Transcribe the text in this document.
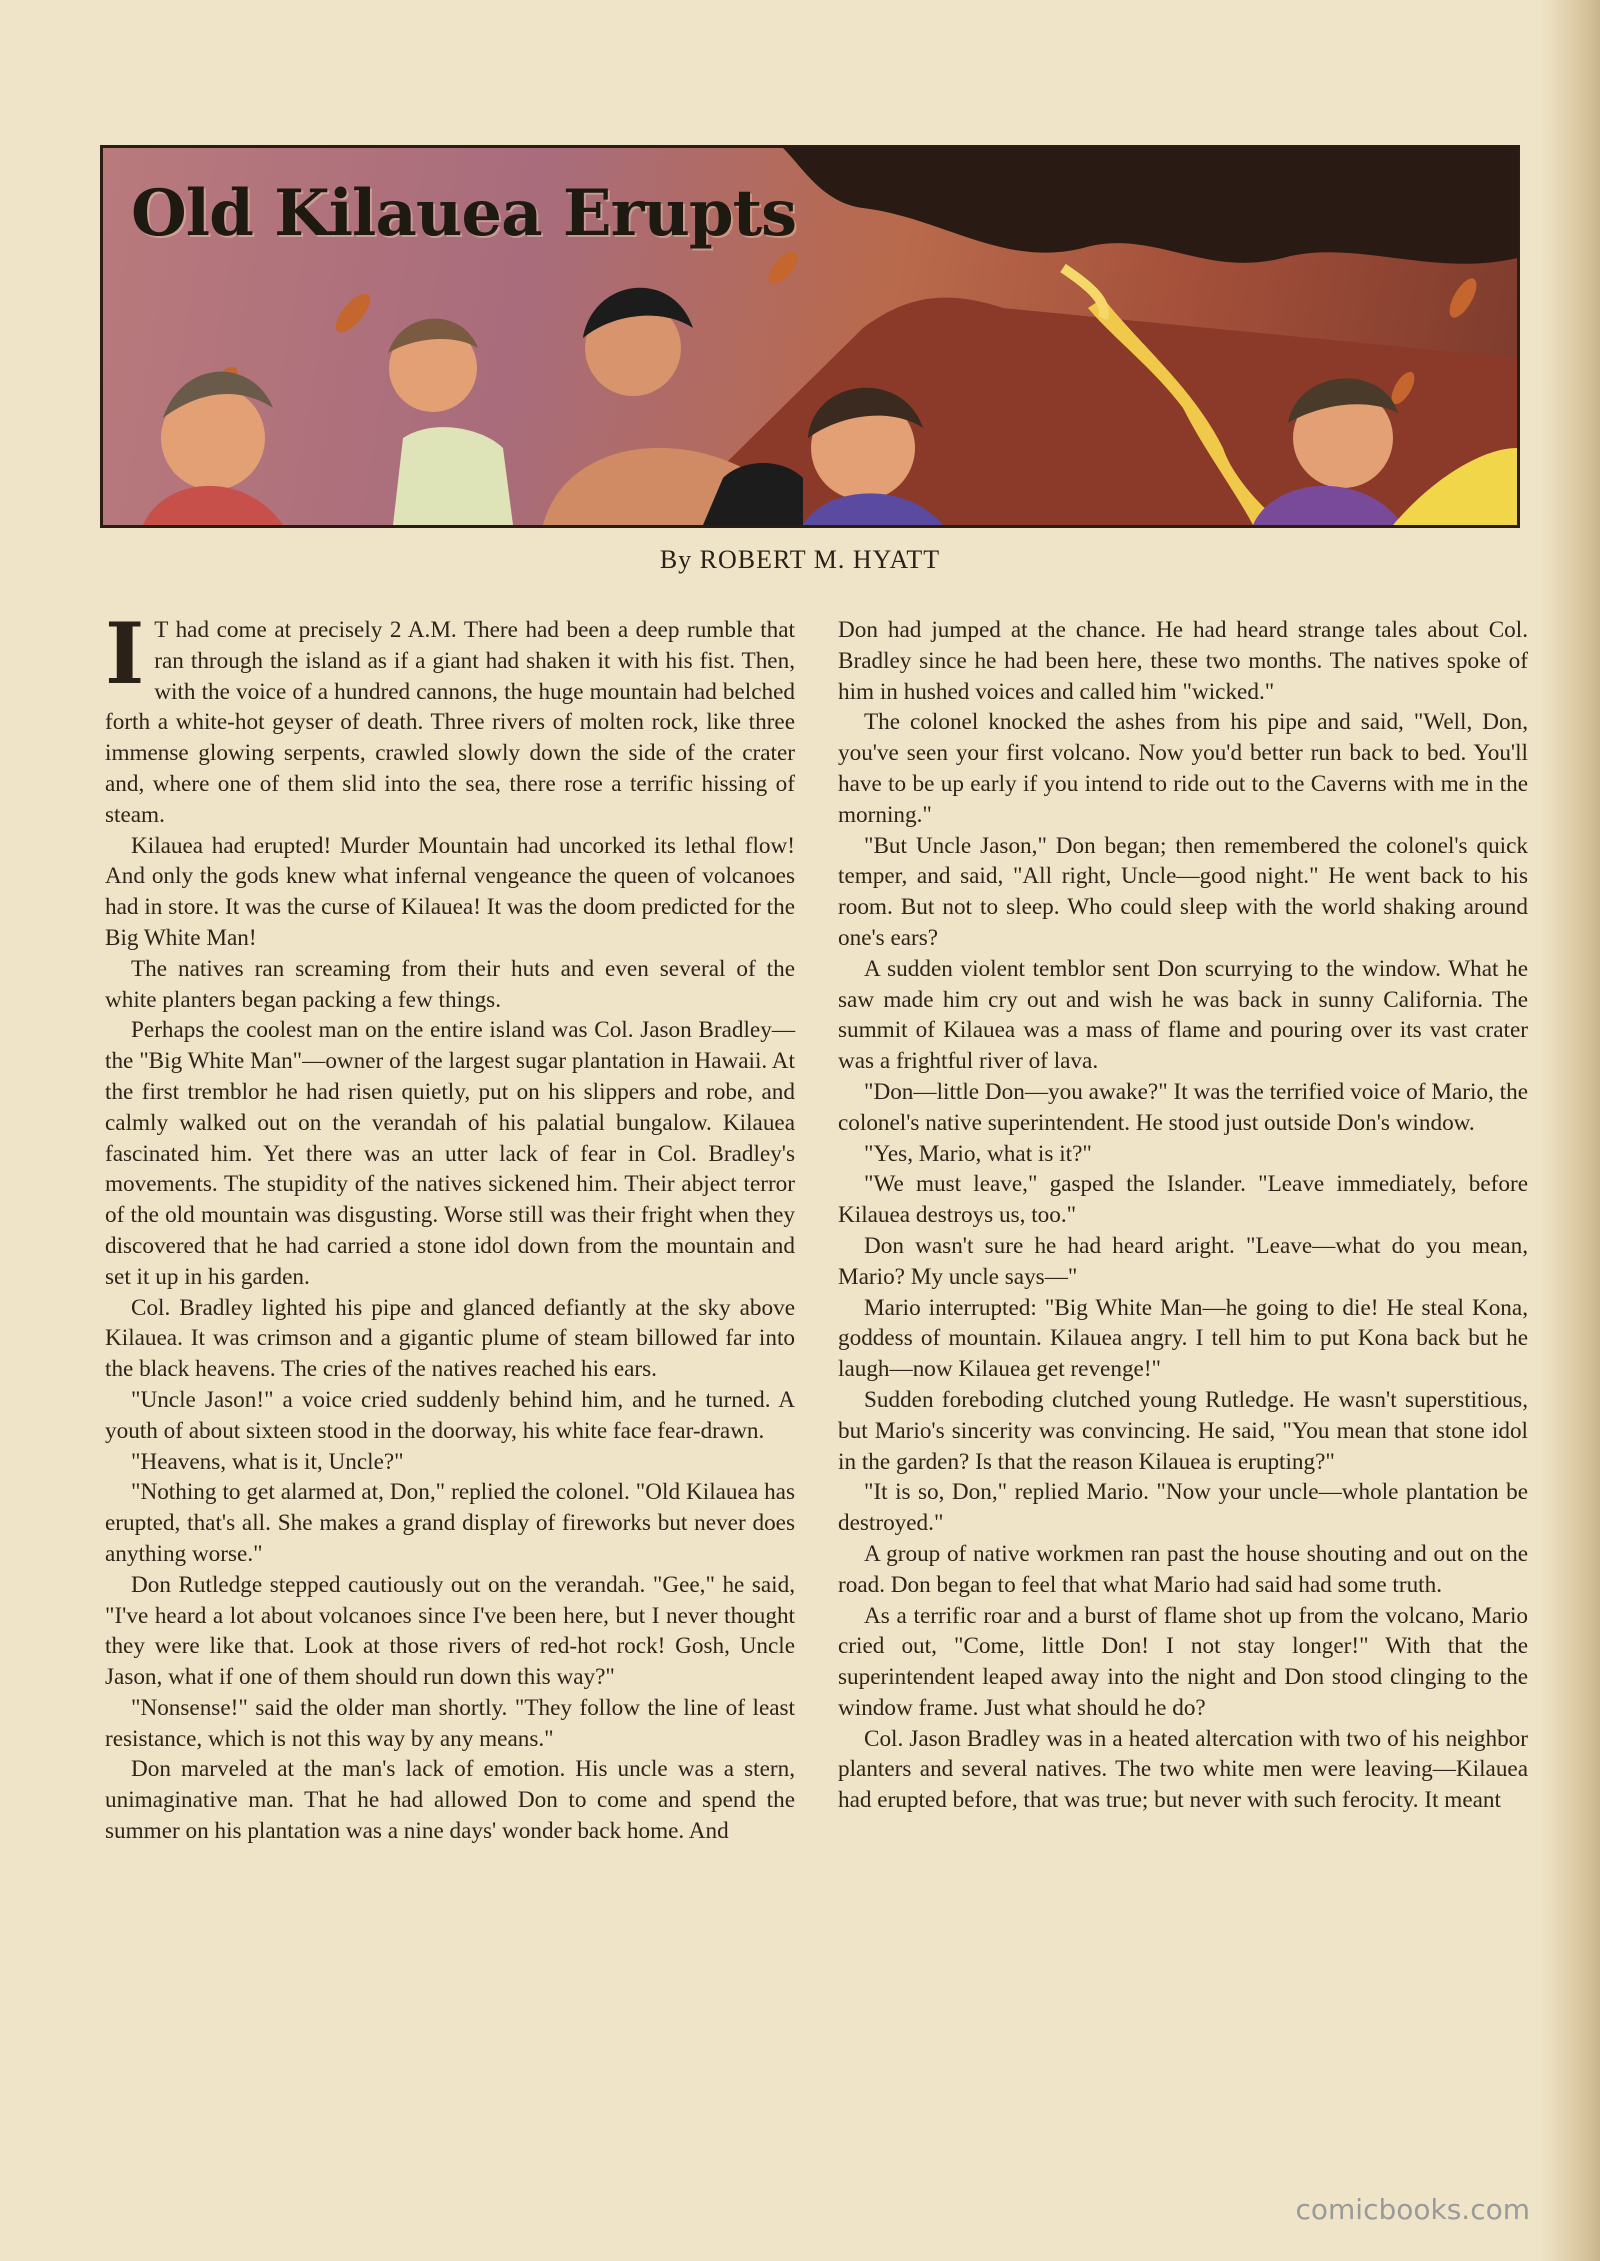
Old Kilauea Erupts
By ROBERT M. HYATT

I T had come at precisely 2 A.M. There had been a deep rumble that ran through the island as if a giant had shaken it with his fist. Then, with the voice of a hundred cannons, the huge mountain had belched forth a white-hot geyser of death. Three rivers of molten rock, like three immense glowing serpents, crawled slowly down the side of the crater and, where one of them slid into the sea, there rose a terrific hissing of steam.

Kilauea had erupted! Murder Mountain had uncorked its lethal flow! And only the gods knew what infernal vengeance the queen of volcanoes had in store. It was the curse of Kilauea! It was the doom predicted for the Big White Man!

The natives ran screaming from their huts and even several of the white planters began packing a few things.

Perhaps the coolest man on the entire island was Col. Jason Bradley—the "Big White Man"—owner of the largest sugar plantation in Hawaii. At the first tremblor he had risen quietly, put on his slippers and robe, and calmly walked out on the verandah of his palatial bungalow. Kilauea fascinated him. Yet there was an utter lack of fear in Col. Bradley's movements. The stupidity of the natives sickened him. Their abject terror of the old mountain was disgusting. Worse still was their fright when they discovered that he had carried a stone idol down from the mountain and set it up in his garden.

Col. Bradley lighted his pipe and glanced defiantly at the sky above Kilauea. It was crimson and a gigantic plume of steam billowed far into the black heavens. The cries of the natives reached his ears.

"Uncle Jason!" a voice cried suddenly behind him, and he turned. A youth of about sixteen stood in the doorway, his white face fear-drawn.

"Heavens, what is it, Uncle?"

"Nothing to get alarmed at, Don," replied the colonel. "Old Kilauea has erupted, that's all. She makes a grand display of fireworks but never does anything worse."

Don Rutledge stepped cautiously out on the verandah. "Gee," he said, "I've heard a lot about volcanoes since I've been here, but I never thought they were like that. Look at those rivers of red-hot rock! Gosh, Uncle Jason, what if one of them should run down this way?"

"Nonsense!" said the older man shortly. "They follow the line of least resistance, which is not this way by any means."

Don marveled at the man's lack of emotion. His uncle was a stern, unimaginative man. That he had allowed Don to come and spend the summer on his plantation was a nine days' wonder back home. And

Don had jumped at the chance. He had heard strange tales about Col. Bradley since he had been here, these two months. The natives spoke of him in hushed voices and called him "wicked."

The colonel knocked the ashes from his pipe and said, "Well, Don, you've seen your first volcano. Now you'd better run back to bed. You'll have to be up early if you intend to ride out to the Caverns with me in the morning."

"But Uncle Jason," Don began; then remembered the colonel's quick temper, and said, "All right, Uncle—good night." He went back to his room. But not to sleep. Who could sleep with the world shaking around one's ears?

A sudden violent temblor sent Don scurrying to the window. What he saw made him cry out and wish he was back in sunny California. The summit of Kilauea was a mass of flame and pouring over its vast crater was a frightful river of lava.

"Don—little Don—you awake?" It was the terrified voice of Mario, the colonel's native superintendent. He stood just outside Don's window.

"Yes, Mario, what is it?"

"We must leave," gasped the Islander. "Leave immediately, before Kilauea destroys us, too."

Don wasn't sure he had heard aright. "Leave—what do you mean, Mario? My uncle says—"

Mario interrupted: "Big White Man—he going to die! He steal Kona, goddess of mountain. Kilauea angry. I tell him to put Kona back but he laugh—now Kilauea get revenge!"

Sudden foreboding clutched young Rutledge. He wasn't superstitious, but Mario's sincerity was convincing. He said, "You mean that stone idol in the garden? Is that the reason Kilauea is erupting?"

"It is so, Don," replied Mario. "Now your uncle—whole plantation be destroyed."

A group of native workmen ran past the house shouting and out on the road. Don began to feel that what Mario had said had some truth.

As a terrific roar and a burst of flame shot up from the volcano, Mario cried out, "Come, little Don! I not stay longer!" With that the superintendent leaped away into the night and Don stood clinging to the window frame. Just what should he do?

Col. Jason Bradley was in a heated altercation with two of his neighbor planters and several natives. The two white men were leaving—Kilauea had erupted before, that was true; but never with such ferocity. It meant

comicbooks.com
